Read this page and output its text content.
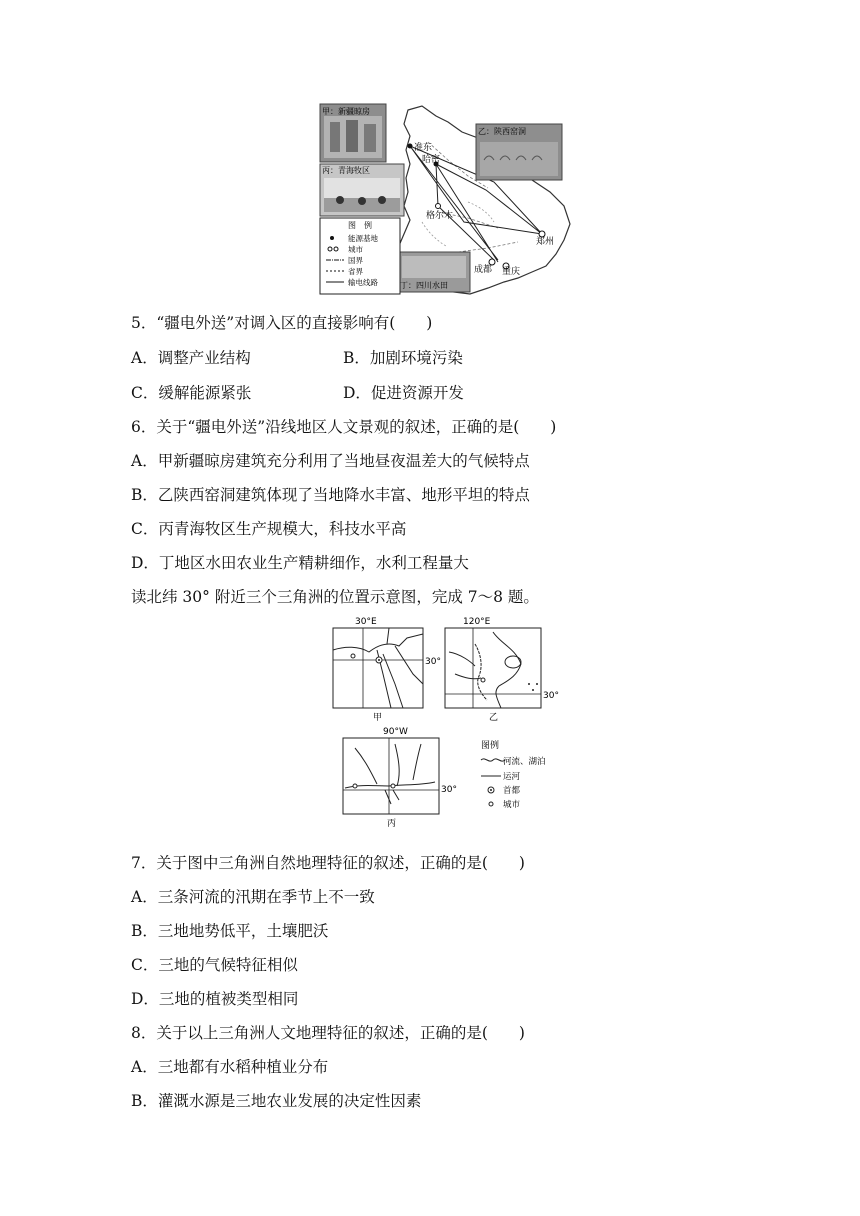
准东
哈密
格尔木
郑州
成都 重庆
甲：新疆晾房
乙：陕西窑洞
丙：青海牧区
丁：四川水田
图　例
能源基地
城市
国界
省界
输电线路
5．“疆电外送”对调入区的直接影响有(　　)
A．调整产业结构	B．加剧环境污染
C．缓解能源紧张	D．促进资源开发
6．关于“疆电外送”沿线地区人文景观的叙述，正确的是(　　)
A．甲新疆晾房建筑充分利用了当地昼夜温差大的气候特点
B．乙陕西窑洞建筑体现了当地降水丰富、地形平坦的特点
C．丙青海牧区生产规模大，科技水平高
D．丁地区水田农业生产精耕细作，水利工程量大
读北纬 30° 附近三个三角洲的位置示意图，完成 7～8 题。
30°E
30°
甲
120°E
30°
乙
90°W
30°
丙
图例
河流、湖泊
运河
首都
城市
7．关于图中三角洲自然地理特征的叙述，正确的是(　　)
A．三条河流的汛期在季节上不一致
B．三地地势低平，土壤肥沃
C．三地的气候特征相似
D．三地的植被类型相同
8．关于以上三角洲人文地理特征的叙述，正确的是(　　)
A．三地都有水稻种植业分布
B．灌溉水源是三地农业发展的决定性因素
